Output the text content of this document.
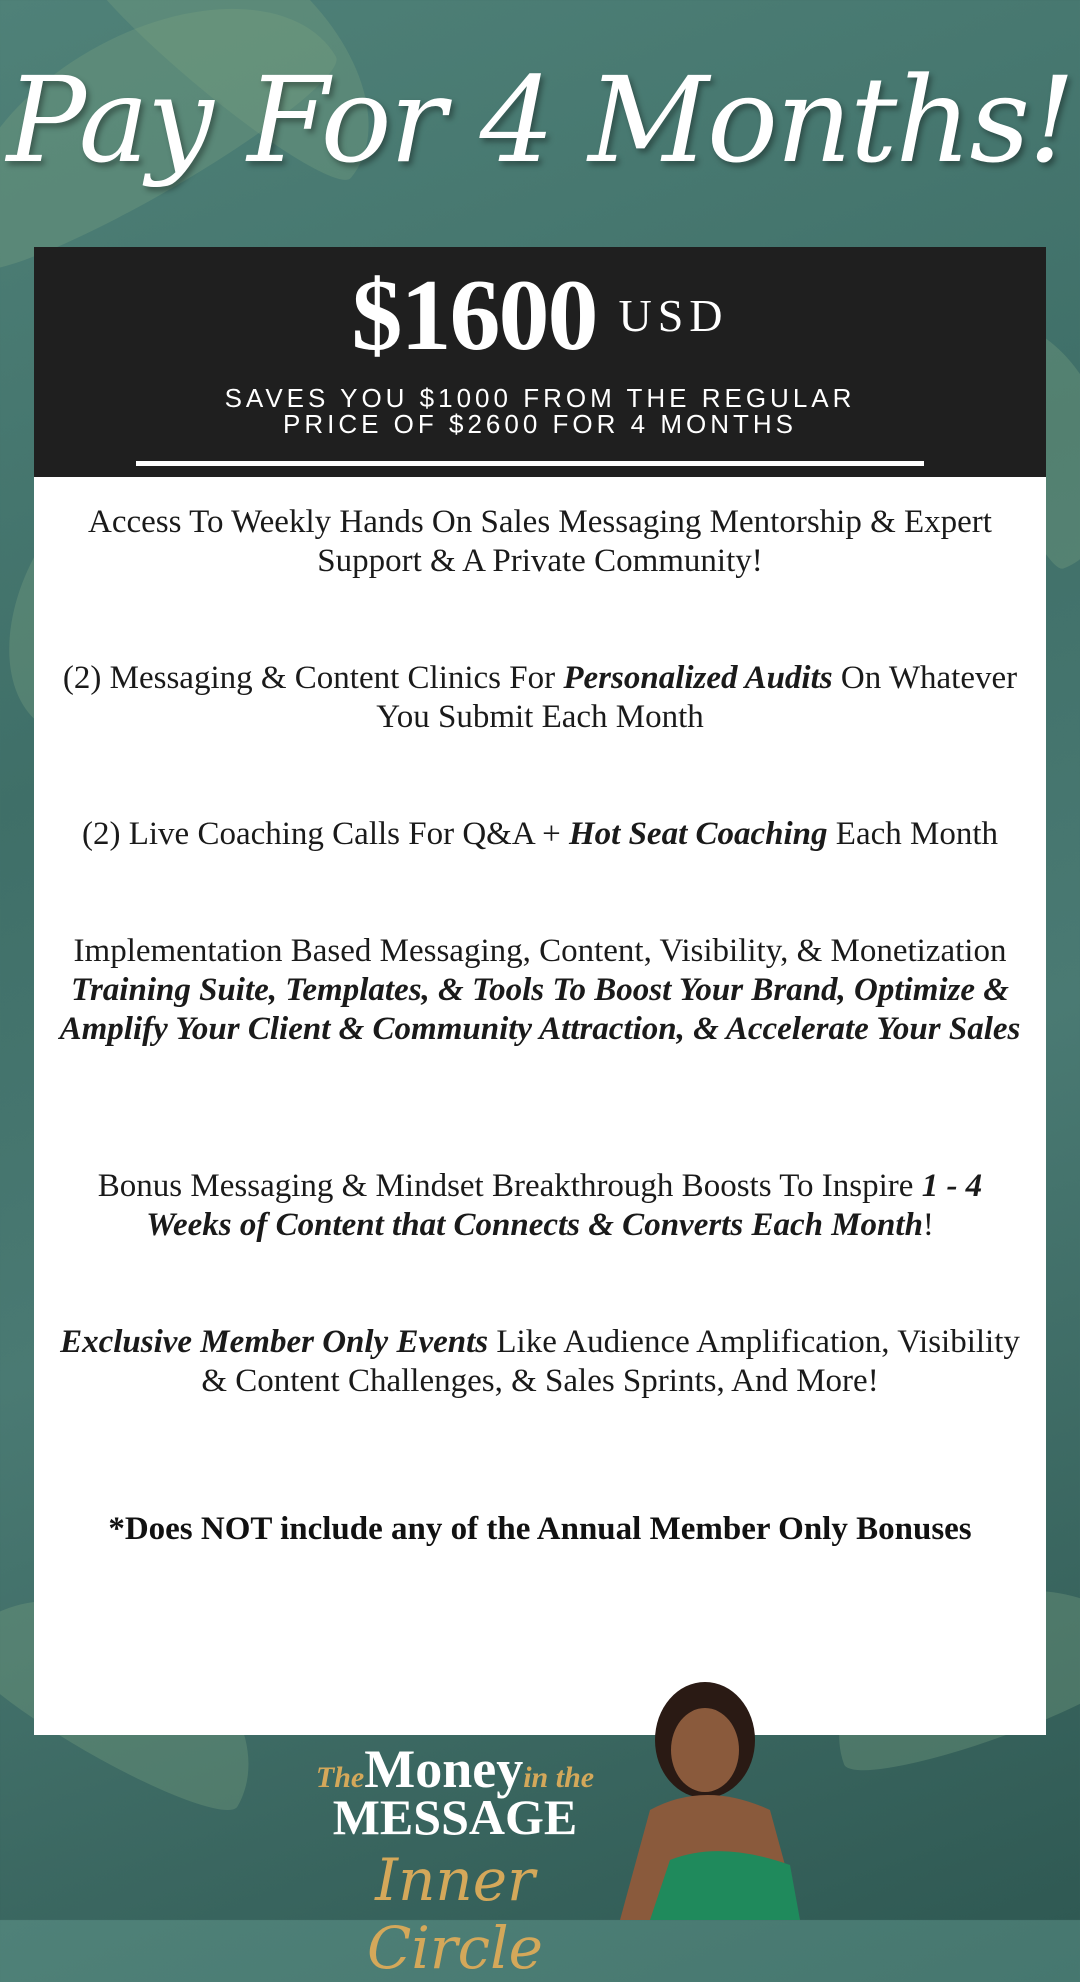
Pay For 4 Months!
$1600 USD
SAVES YOU $1000 FROM THE REGULAR
PRICE OF $2600 FOR 4 MONTHS
Access To Weekly Hands On Sales Messaging Mentorship & Expert Support & A Private Community!
(2) Messaging & Content Clinics For Personalized Audits On Whatever You Submit Each Month
(2) Live Coaching Calls For Q&A + Hot Seat Coaching Each Month
Implementation Based Messaging, Content, Visibility, & Monetization Training Suite, Templates, & Tools To Boost Your Brand, Optimize & Amplify Your Client & Community Attraction, & Accelerate Your Sales
Bonus Messaging & Mindset Breakthrough Boosts To Inspire 1 - 4 Weeks of Content that Connects & Converts Each Month!
Exclusive Member Only Events Like Audience Amplification, Visibility & Content Challenges, & Sales Sprints, And More!
*Does NOT include any of the Annual Member Only Bonuses
TheMoneyin the
MESSAGE
Inner Circle
